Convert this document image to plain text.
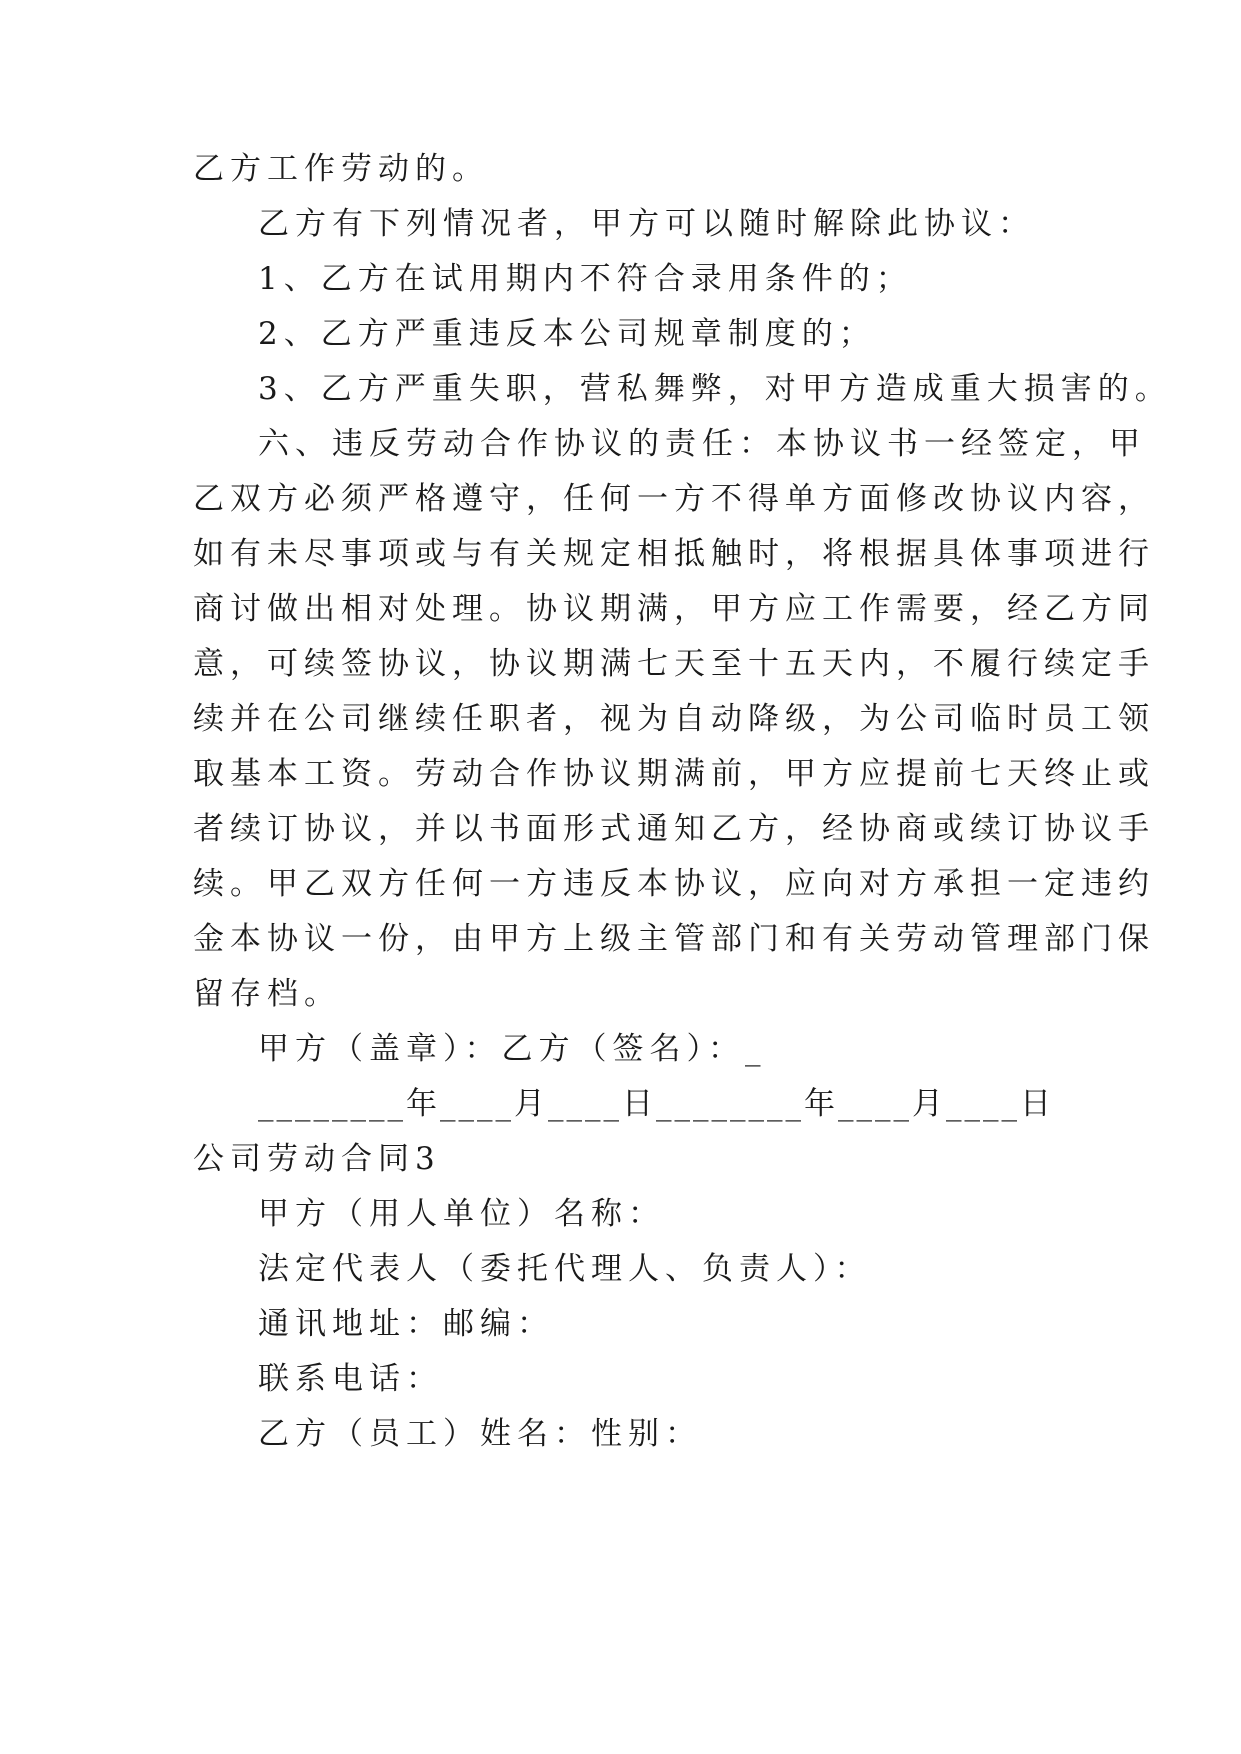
乙方工作劳动的。
乙方有下列情况者，甲方可以随时解除此协议：
1、乙方在试用期内不符合录用条件的；
2、乙方严重违反本公司规章制度的；
3、乙方严重失职，营私舞弊，对甲方造成重大损害的。
六、违反劳动合作协议的责任：本协议书一经签定，甲
乙双方必须严格遵守，任何一方不得单方面修改协议内容，
如有未尽事项或与有关规定相抵触时，将根据具体事项进行
商讨做出相对处理。协议期满，甲方应工作需要，经乙方同
意，可续签协议，协议期满七天至十五天内，不履行续定手
续并在公司继续任职者，视为自动降级，为公司临时员工领
取基本工资。劳动合作协议期满前，甲方应提前七天终止或
者续订协议，并以书面形式通知乙方，经协商或续订协议手
续。甲乙双方任何一方违反本协议，应向对方承担一定违约
金本协议一份，由甲方上级主管部门和有关劳动管理部门保
留存档。
甲方（盖章）：乙方（签名）：_
________年____月____日________年____月____日
公司劳动合同3
甲方（用人单位）名称：
法定代表人（委托代理人、负责人）：
通讯地址：邮编：
联系电话：
乙方（员工）姓名：性别：
